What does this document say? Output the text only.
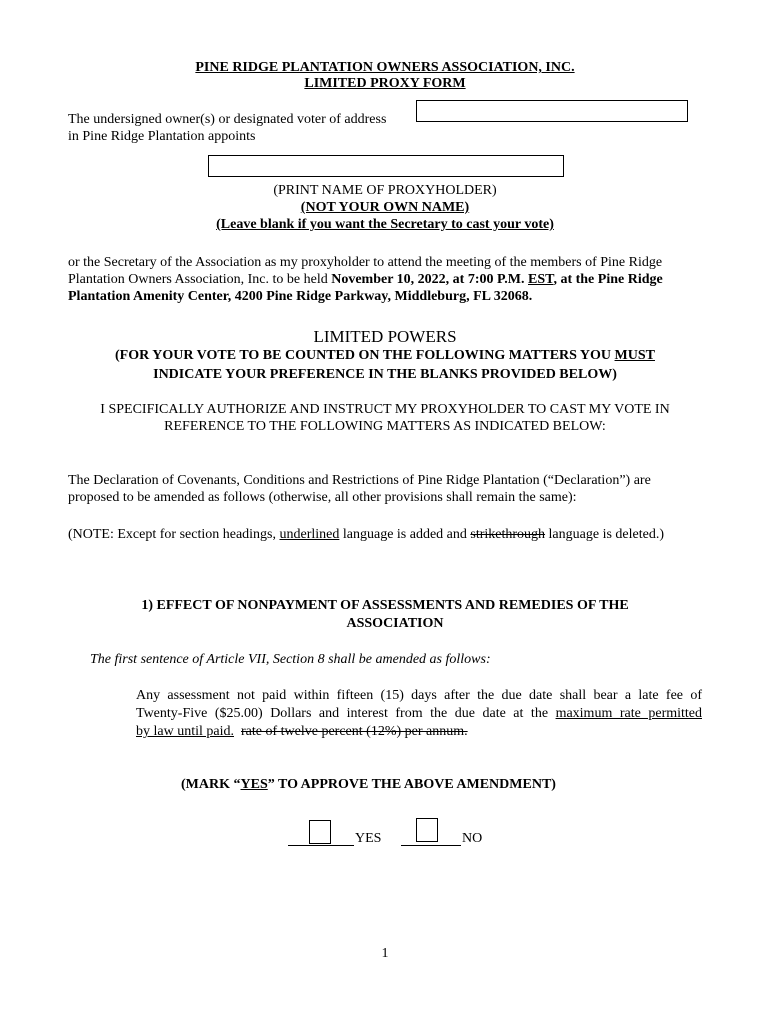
PINE RIDGE PLANTATION OWNERS ASSOCIATION, INC.
LIMITED PROXY FORM
The undersigned owner(s) or designated voter of address
in Pine Ridge Plantation appoints
(PRINT NAME OF PROXYHOLDER)
(NOT YOUR OWN NAME)
(Leave blank if you want the Secretary to cast your vote)
or the Secretary of the Association as my proxyholder to attend the meeting of the members of Pine Ridge
Plantation Owners Association, Inc. to be held November 10, 2022, at 7:00 P.M. EST, at the Pine Ridge
Plantation Amenity Center, 4200 Pine Ridge Parkway, Middleburg, FL 32068.
LIMITED POWERS
(FOR YOUR VOTE TO BE COUNTED ON THE FOLLOWING MATTERS YOU MUST
INDICATE YOUR PREFERENCE IN THE BLANKS PROVIDED BELOW)
I SPECIFICALLY AUTHORIZE AND INSTRUCT MY PROXYHOLDER TO CAST MY VOTE IN
REFERENCE TO THE FOLLOWING MATTERS AS INDICATED BELOW:
The Declaration of Covenants, Conditions and Restrictions of Pine Ridge Plantation (“Declaration”) are
proposed to be amended as follows (otherwise, all other provisions shall remain the same):
(NOTE: Except for section headings, underlined language is added and strikethrough language is deleted.)
1) EFFECT OF NONPAYMENT OF ASSESSMENTS AND REMEDIES OF THE
ASSOCIATION
The first sentence of Article VII, Section 8 shall be amended as follows:
Any assessment not paid within fifteen (15) days after the due date shall bear a late fee of
Twenty-Five ($25.00) Dollars and interest from the due date at the maximum rate permitted
by law until paid. rate of twelve percent (12%) per annum.
(MARK “YES” TO APPROVE THE ABOVE AMENDMENT)
YES	NO
1
